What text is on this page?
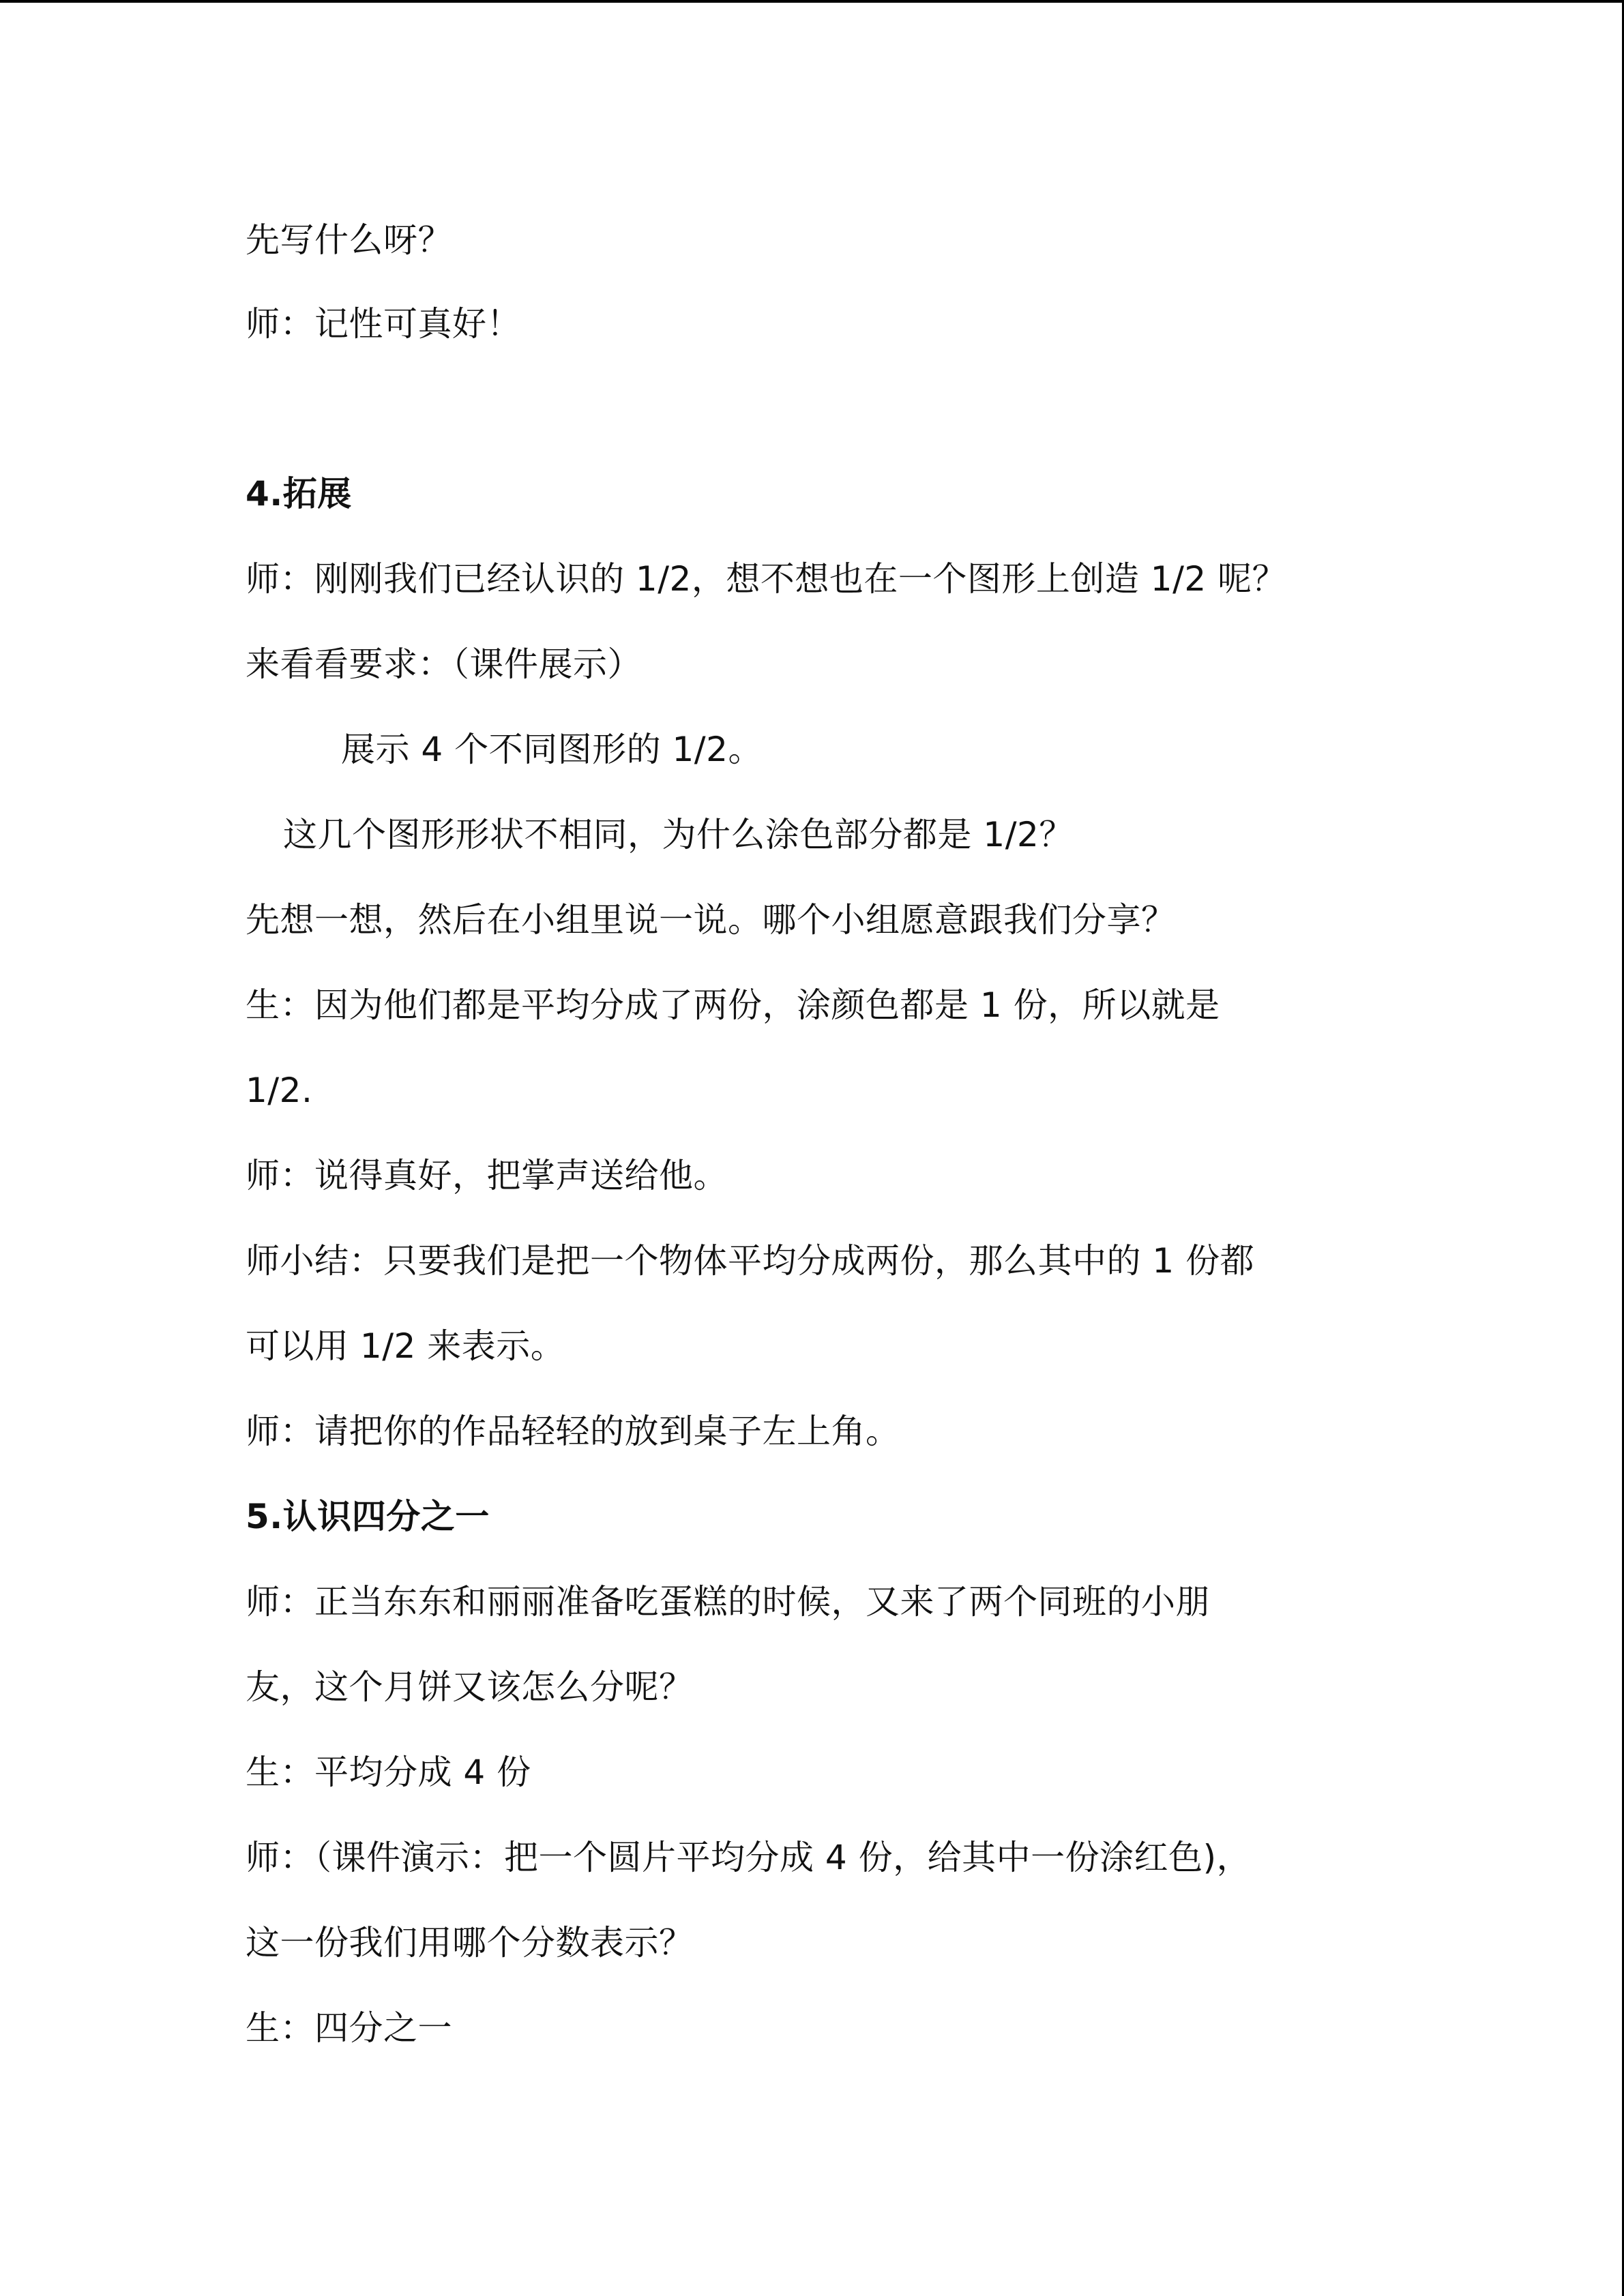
先写什么呀？
师：记性可真好！
4.拓展
师：刚刚我们已经认识的 1/2，想不想也在一个图形上创造 1/2 呢？
来看看要求：（课件展示）
展示 4 个不同图形的 1/2。
这几个图形形状不相同，为什么涂色部分都是 1/2？
先想一想，然后在小组里说一说。哪个小组愿意跟我们分享？
生：因为他们都是平均分成了两份，涂颜色都是 1 份，所以就是
1/2.
师：说得真好，把掌声送给他。
师小结：只要我们是把一个物体平均分成两份，那么其中的 1 份都
可以用 1/2 来表示。
师：请把你的作品轻轻的放到桌子左上角。
5.认识四分之一
师：正当东东和丽丽准备吃蛋糕的时候，又来了两个同班的小朋
友，这个月饼又该怎么分呢？
生：平均分成 4 份
师：（课件演示：把一个圆片平均分成 4 份，给其中一份涂红色)，
这一份我们用哪个分数表示？
生：四分之一
